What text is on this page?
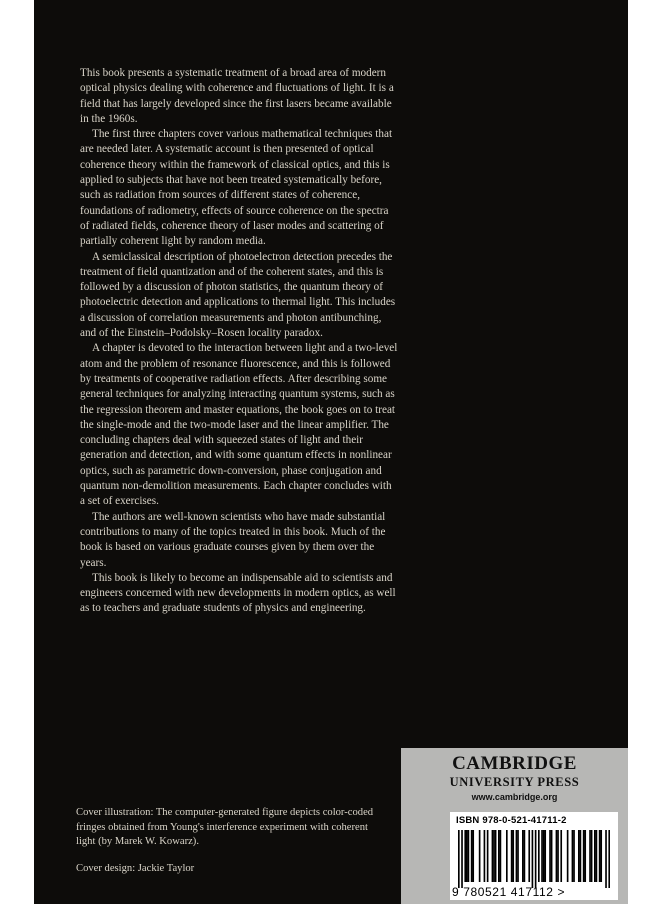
This book presents a systematic treatment of a broad area of modern optical physics dealing with coherence and fluctuations of light. It is a field that has largely developed since the first lasers became available in the 1960s.

The first three chapters cover various mathematical techniques that are needed later. A systematic account is then presented of optical coherence theory within the framework of classical optics, and this is applied to subjects that have not been treated systematically before, such as radiation from sources of different states of coherence, foundations of radiometry, effects of source coherence on the spectra of radiated fields, coherence theory of laser modes and scattering of partially coherent light by random media.

A semiclassical description of photoelectron detection precedes the treatment of field quantization and of the coherent states, and this is followed by a discussion of photon statistics, the quantum theory of photoelectric detection and applications to thermal light. This includes a discussion of correlation measurements and photon antibunching, and of the Einstein–Podolsky–Rosen locality paradox.

A chapter is devoted to the interaction between light and a two-level atom and the problem of resonance fluorescence, and this is followed by treatments of cooperative radiation effects. After describing some general techniques for analyzing interacting quantum systems, such as the regression theorem and master equations, the book goes on to treat the single-mode and the two-mode laser and the linear amplifier. The concluding chapters deal with squeezed states of light and their generation and detection, and with some quantum effects in nonlinear optics, such as parametric down-conversion, phase conjugation and quantum non-demolition measurements. Each chapter concludes with a set of exercises.

The authors are well-known scientists who have made substantial contributions to many of the topics treated in this book. Much of the book is based on various graduate courses given by them over the years.

This book is likely to become an indispensable aid to scientists and engineers concerned with new developments in modern optics, as well as to teachers and graduate students of physics and engineering.

Cover illustration: The computer-generated figure depicts color-coded fringes obtained from Young's interference experiment with coherent light (by Marek W. Kowarz).

Cover design: Jackie Taylor

CAMBRIDGE
UNIVERSITY PRESS
www.cambridge.org
ISBN 978-0-521-41711-2
9 780521 417112 >
